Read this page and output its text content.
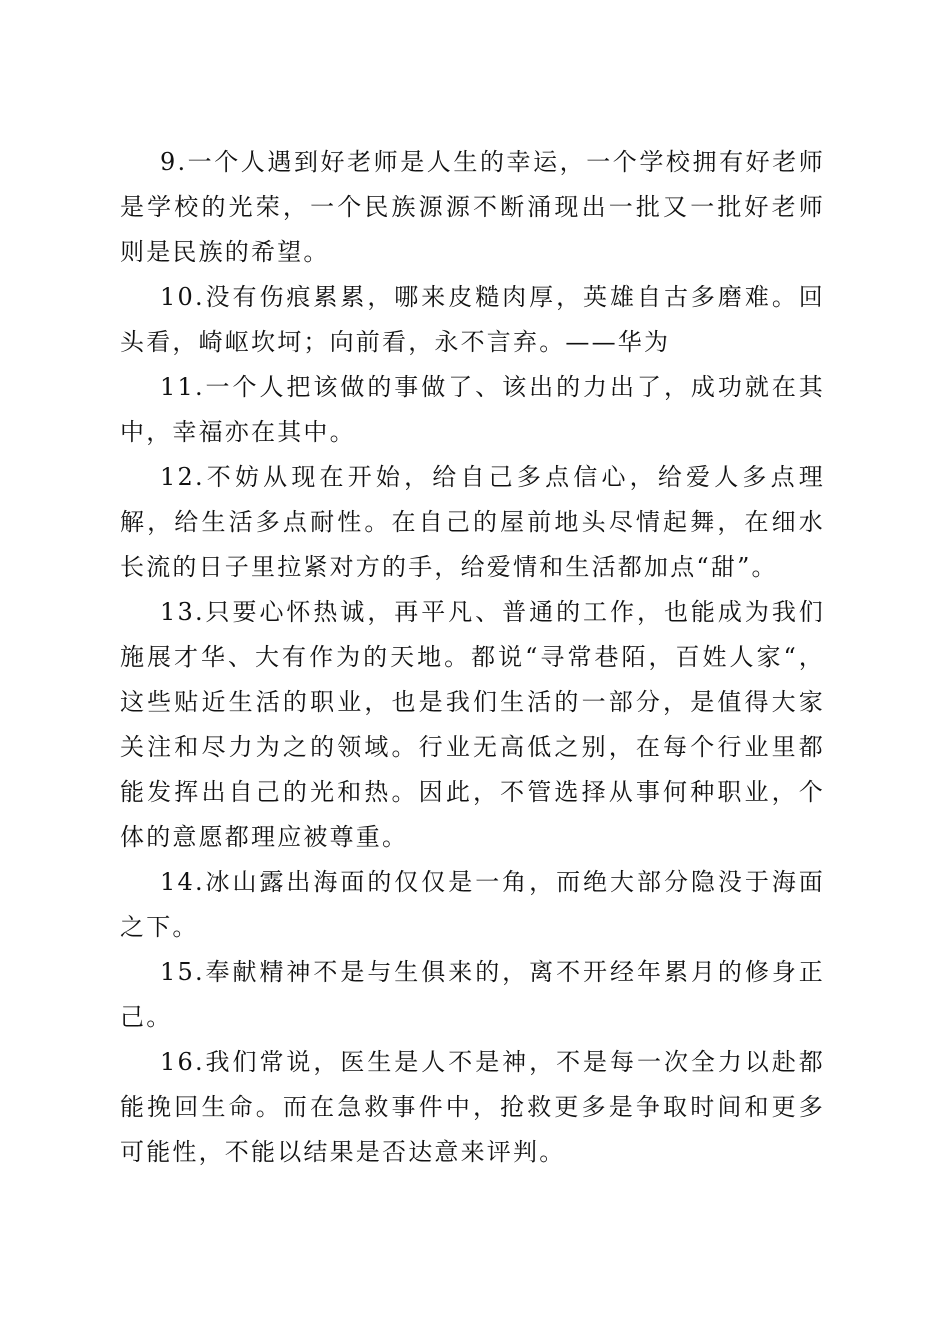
9.一个人遇到好老师是人生的幸运，一个学校拥有好老师是学校的光荣，一个民族源源不断涌现出一批又一批好老师则是民族的希望。

10.没有伤痕累累，哪来皮糙肉厚，英雄自古多磨难。回头看，崎岖坎坷；向前看，永不言弃。——华为

11.一个人把该做的事做了、该出的力出了，成功就在其中，幸福亦在其中。

12.不妨从现在开始，给自己多点信心，给爱人多点理解，给生活多点耐性。在自己的屋前地头尽情起舞，在细水长流的日子里拉紧对方的手，给爱情和生活都加点“甜”。

13.只要心怀热诚，再平凡、普通的工作，也能成为我们施展才华、大有作为的天地。都说“寻常巷陌，百姓人家“，这些贴近生活的职业，也是我们生活的一部分，是值得大家关注和尽力为之的领域。行业无高低之别，在每个行业里都能发挥出自己的光和热。因此，不管选择从事何种职业，个体的意愿都理应被尊重。

14.冰山露出海面的仅仅是一角，而绝大部分隐没于海面之下。

15.奉献精神不是与生俱来的，离不开经年累月的修身正己。

16.我们常说，医生是人不是神，不是每一次全力以赴都能挽回生命。而在急救事件中，抢救更多是争取时间和更多可能性，不能以结果是否达意来评判。
